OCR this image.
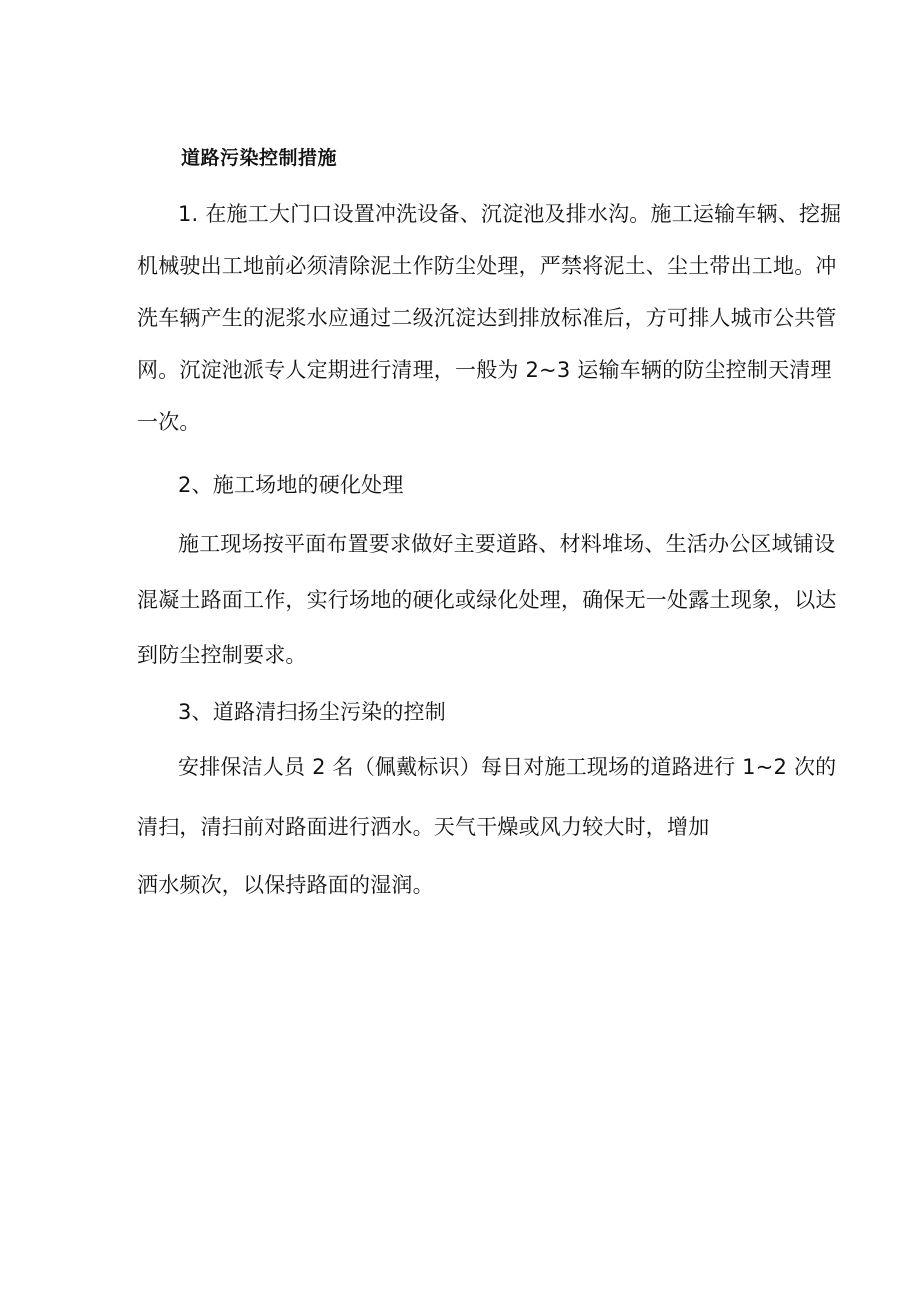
道路污染控制措施
1. 在施工大门口设置冲洗设备、沉淀池及排水沟。施工运输车辆、挖掘
机械驶出工地前必须清除泥土作防尘处理，严禁将泥土、尘土带出工地。冲
洗车辆产生的泥浆水应通过二级沉淀达到排放标准后，方可排人城市公共管
网。沉淀池派专人定期进行清理，一般为 2~3 运输车辆的防尘控制天清理
一次。
2、施工场地的硬化处理
施工现场按平面布置要求做好主要道路、材料堆场、生活办公区域铺设
混凝土路面工作，实行场地的硬化或绿化处理，确保无一处露土现象，以达
到防尘控制要求。
3、道路清扫扬尘污染的控制
安排保洁人员 2 名（佩戴标识）每日对施工现场的道路进行 1~2 次的
清扫，清扫前对路面进行洒水。天气干燥或风力较大时，增加
洒水频次，以保持路面的湿润。
